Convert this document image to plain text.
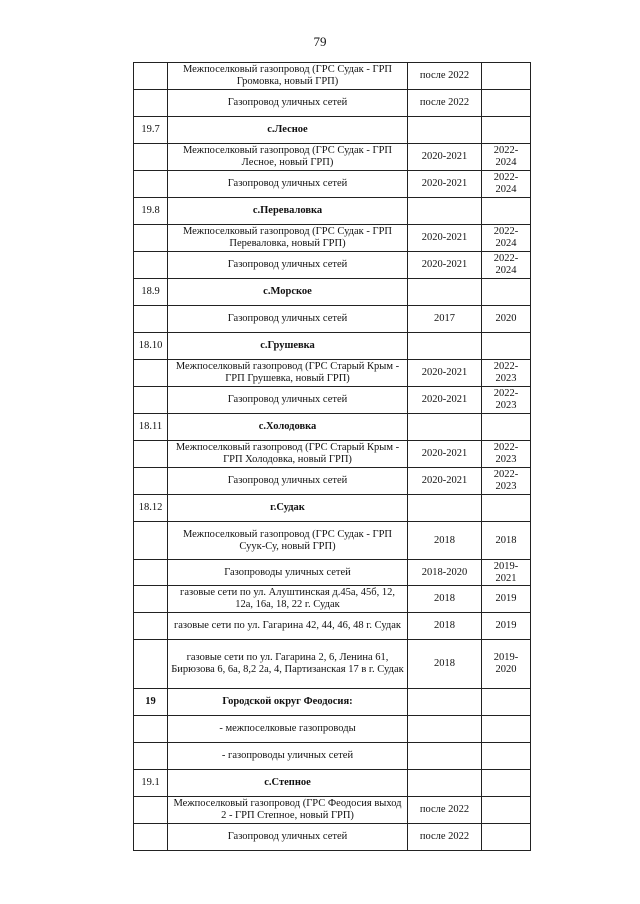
79
	Межпоселковый газопровод (ГРС Судак - ГРП Громовка, новый ГРП)	после 2022	
	Газопровод уличных сетей	после 2022	
19.7	с.Лесное		
	Межпоселковый газопровод (ГРС Судак - ГРП Лесное, новый ГРП)	2020-2021	2022-2024
	Газопровод уличных сетей	2020-2021	2022-2024
19.8	с.Переваловка		
	Межпоселковый газопровод (ГРС Судак - ГРП Переваловка, новый ГРП)	2020-2021	2022-2024
	Газопровод уличных сетей	2020-2021	2022-2024
18.9	с.Морское		
	Газопровод уличных сетей	2017	2020
18.10	с.Грушевка		
	Межпоселковый газопровод (ГРС Старый Крым - ГРП Грушевка, новый ГРП)	2020-2021	2022-2023
	Газопровод уличных сетей	2020-2021	2022-2023
18.11	с.Холодовка		
	Межпоселковый газопровод (ГРС Старый Крым - ГРП Холодовка, новый ГРП)	2020-2021	2022-2023
	Газопровод уличных сетей	2020-2021	2022-2023
18.12	г.Судак		
	Межпоселковый газопровод (ГРС Судак - ГРП Суук-Су, новый ГРП)	2018	2018
	Газопроводы уличных сетей	2018-2020	2019-2021
	газовые сети по ул. Алуштинская д.45а, 45б, 12, 12а, 16а, 18, 22 г. Судак	2018	2019
	газовые сети по ул. Гагарина 42, 44, 46, 48 г. Судак	2018	2019
	газовые сети по ул. Гагарина 2, 6, Ленина 61, Бирюзова 6, 6а, 8,2 2а, 4, Партизанская 17 в г. Судак	2018	2019-2020
19	Городской округ Феодосия:		
	- межпоселковые газопроводы		
	- газопроводы уличных сетей		
19.1	с.Степное		
	Межпоселковый газопровод (ГРС Феодосия выход 2 - ГРП Степное, новый ГРП)	после 2022	
	Газопровод уличных сетей	после 2022	
